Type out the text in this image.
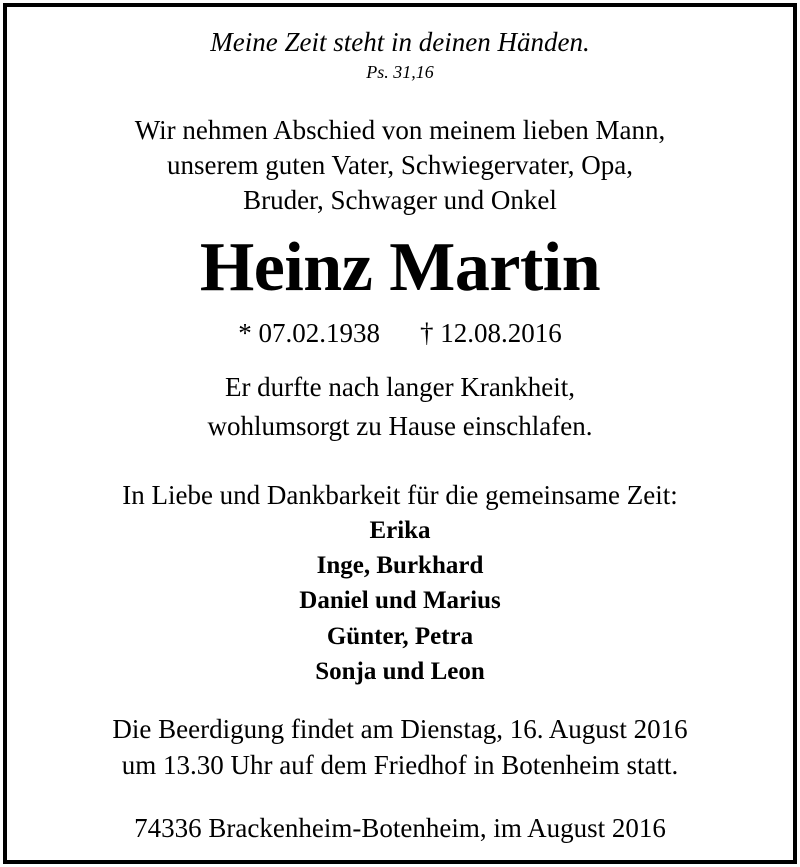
Meine Zeit steht in deinen Händen.
Ps. 31,16
Wir nehmen Abschied von meinem lieben Mann,
unserem guten Vater, Schwiegervater, Opa,
Bruder, Schwager und Onkel
Heinz Martin
* 07.02.1938 † 12.08.2016
Er durfte nach langer Krankheit,
wohlumsorgt zu Hause einschlafen.
In Liebe und Dankbarkeit für die gemeinsame Zeit:
Erika
Inge, Burkhard
Daniel und Marius
Günter, Petra
Sonja und Leon
Die Beerdigung findet am Dienstag, 16. August 2016
um 13.30 Uhr auf dem Friedhof in Botenheim statt.
74336 Brackenheim-Botenheim, im August 2016
